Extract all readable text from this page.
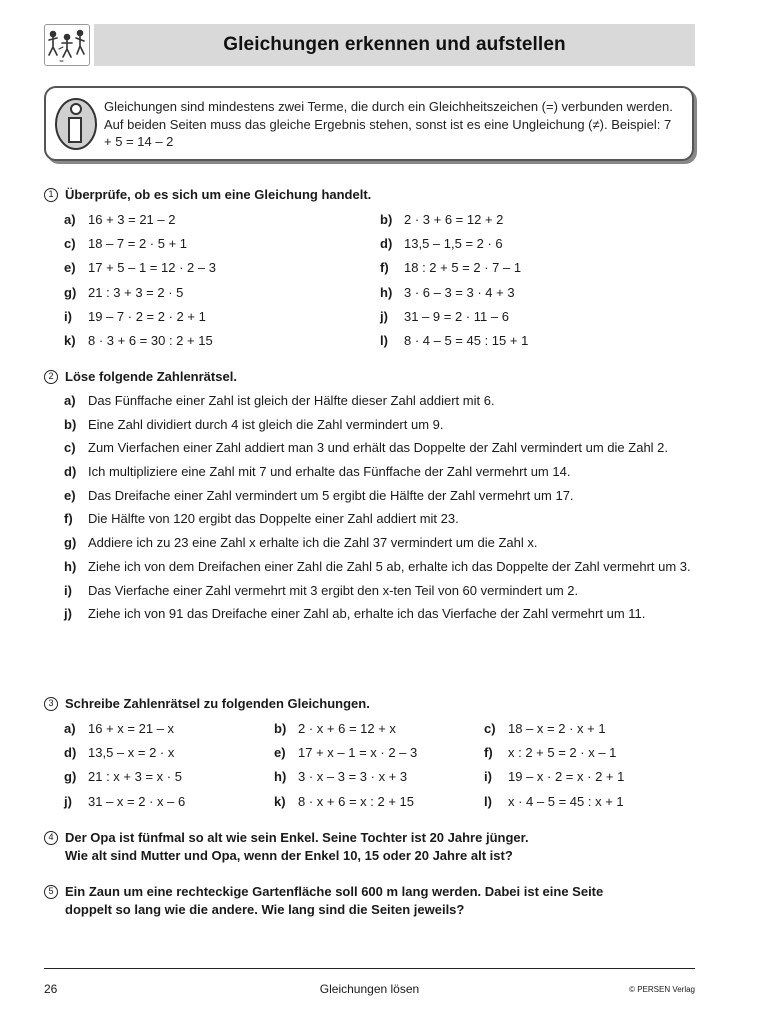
=
Gleichungen erkennen und aufstellen
Gleichungen sind mindestens zwei Terme, die durch ein Gleichheitszeichen (=) verbunden werden. Auf beiden Seiten muss das gleiche Ergebnis stehen, sonst ist es eine Ungleichung (≠). Beispiel: 7 + 5 = 14 – 2
1 Überprüfe, ob es sich um eine Gleichung handelt.
a) 16 + 3 = 21 – 2	b) 2 · 3 + 6 = 12 + 2
c) 18 – 7 = 2 · 5 + 1	d) 13,5 – 1,5 = 2 · 6
e) 17 + 5 – 1 = 12 · 2 – 3	f)	18 : 2 + 5 = 2 · 7 – 1
g) 21 : 3 + 3 = 2 · 5	h) 3 · 6 – 3 = 3 · 4 + 3
i)	19 – 7 · 2 = 2 · 2 + 1	j)	31 – 9 = 2 · 11 – 6
k) 8 · 3 + 6 = 30 : 2 + 15	l)	8 · 4 – 5 = 45 : 15 + 1
2 Löse folgende Zahlenrätsel.
a) Das Fünffache einer Zahl ist gleich der Hälfte dieser Zahl addiert mit 6.
b) Eine Zahl dividiert durch 4 ist gleich die Zahl vermindert um 9.
c) Zum Vierfachen einer Zahl addiert man 3 und erhält das Doppelte der Zahl vermindert um die Zahl 2.
d) Ich multipliziere eine Zahl mit 7 und erhalte das Fünffache der Zahl vermehrt um 14.
e) Das Dreifache einer Zahl vermindert um 5 ergibt die Hälfte der Zahl vermehrt um 17.
f)	Die Hälfte von 120 ergibt das Doppelte einer Zahl addiert mit 23.
g) Addiere ich zu 23 eine Zahl x erhalte ich die Zahl 37 vermindert um die Zahl x.
h) Ziehe ich von dem Dreifachen einer Zahl die Zahl 5 ab, erhalte ich das Doppelte der Zahl vermehrt um 3.
i)	Das Vierfache einer Zahl vermehrt mit 3 ergibt den x-ten Teil von 60 vermindert um 2.
j)	Ziehe ich von 91 das Dreifache einer Zahl ab, erhalte ich das Vierfache der Zahl vermehrt um 11.
3 Schreibe Zahlenrätsel zu folgenden Gleichungen.
a) 16 + x = 21 – x	b) 2 · x + 6 = 12 + x	c) 18 – x = 2 · x + 1
d) 13,5 – x = 2 · x	e) 17 + x – 1 = x · 2 – 3	f)	x : 2 + 5 = 2 · x – 1
g) 21 : x + 3 = x · 5	h) 3 · x – 3 = 3 · x + 3	i)	19 – x · 2 = x · 2 + 1
j)	31 – x = 2 · x – 6	k) 8 · x + 6 = x : 2 + 15	l)	x · 4 – 5 = 45 : x + 1
4 Der Opa ist fünfmal so alt wie sein Enkel. Seine Tochter ist 20 Jahre jünger.
Wie alt sind Mutter und Opa, wenn der Enkel 10, 15 oder 20 Jahre alt ist?
5 Ein Zaun um eine rechteckige Gartenfläche soll 600 m lang werden. Dabei ist eine Seite
doppelt so lang wie die andere. Wie lang sind die Seiten jeweils?
26	Gleichungen lösen	© PERSEN Verlag
